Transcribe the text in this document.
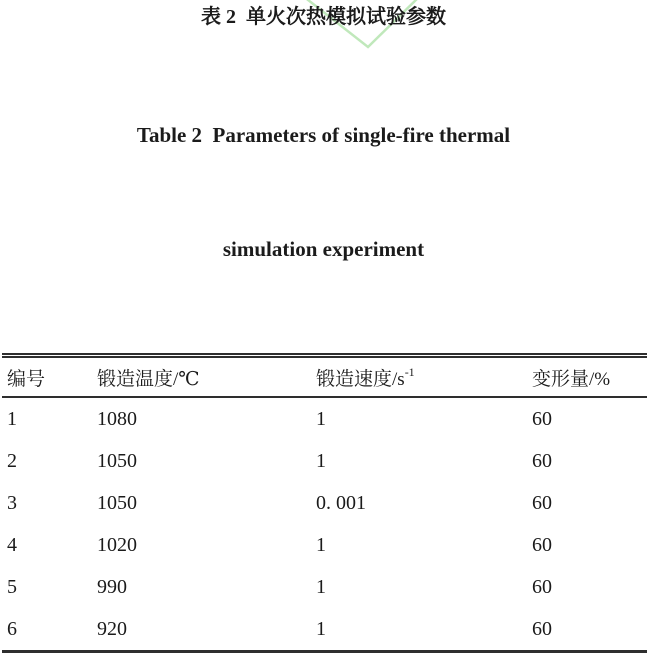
表 2  单火次热模拟试验参数

Table 2  Parameters of single-fire thermal

simulation experiment

编号	锻造温度/℃	锻造速度$/s^{-1}$	变形量/%
1	1080	1	60
2	1050	1	60
3	1050	0. 001	60
4	1020	1	60
5	990	1	60
6	920	1	60
